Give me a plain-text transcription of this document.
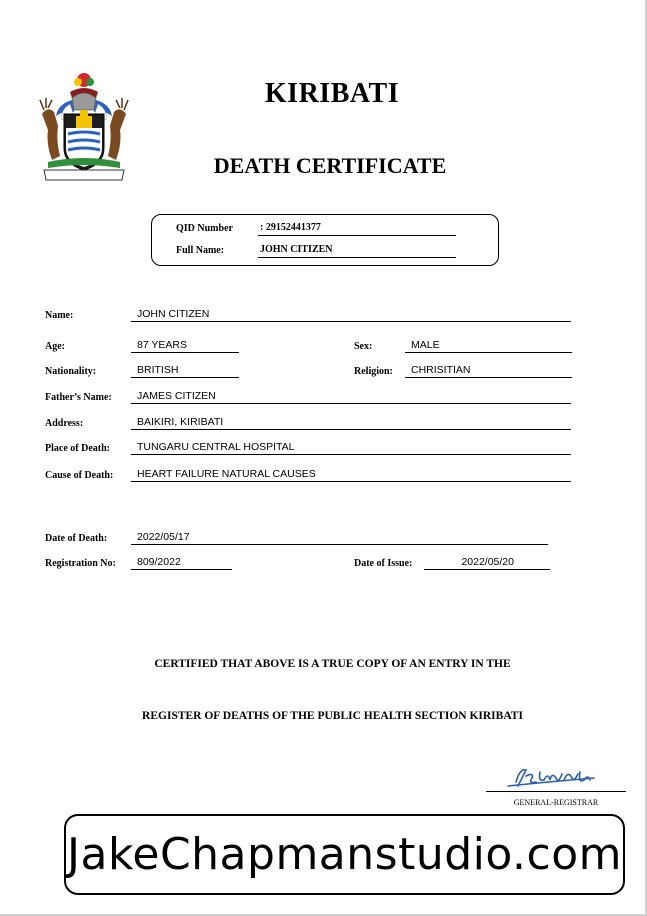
KIRIBATI
DEATH CERTIFICATE
QID Number	: 29152441377
Full Name:	JOHN CITIZEN
Name:	JOHN CITIZEN
Age:	87 YEARS	Sex:	MALE
Nationality:	BRITISH	Religion:	CHRISITIAN
Father’s Name:	JAMES CITIZEN
Address:	BAIKIRI, KIRIBATI
Place of Death:	TUNGARU CENTRAL HOSPITAL
Cause of Death:	HEART FAILURE NATURAL CAUSES
Date of Death:	2022/05/17
Registration No:	809/2022	Date of Issue:	2022/05/20
CERTIFIED THAT ABOVE IS A TRUE COPY OF AN ENTRY IN THE
REGISTER OF DEATHS OF THE PUBLIC HEALTH SECTION KIRIBATI
GENERAL-REGISTRAR
JakeChapmanstudio.com
